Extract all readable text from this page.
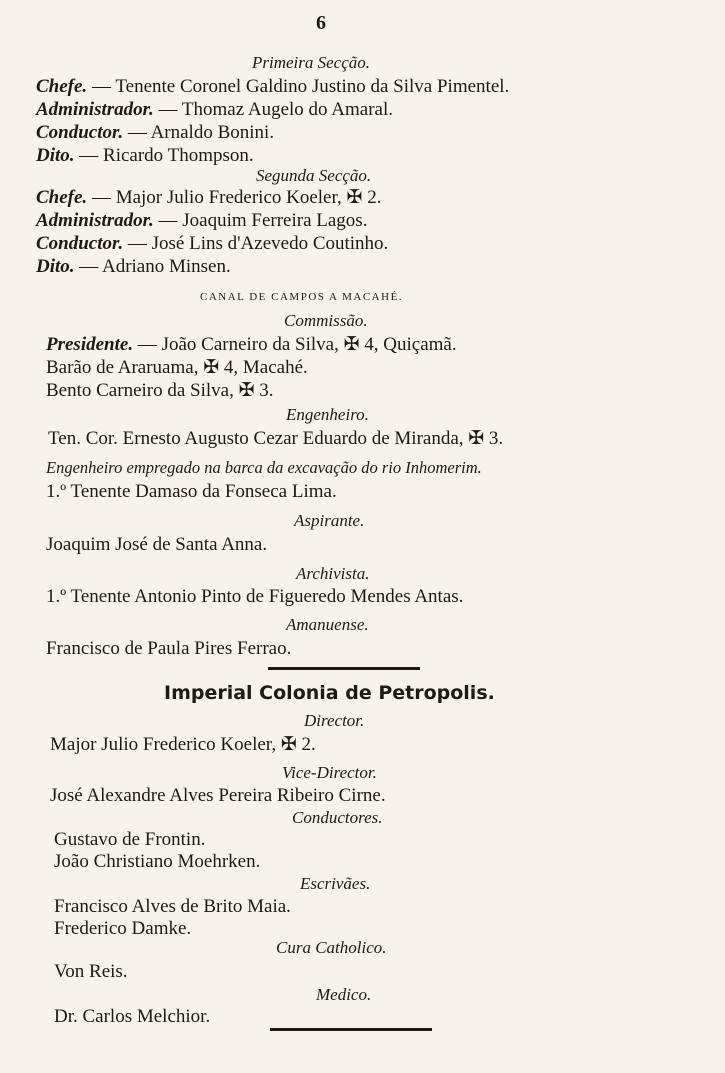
6
Primeira Secção.
Chefe. — Tenente Coronel Galdino Justino da Silva Pimentel.
Administrador. — Thomaz Augelo do Amaral.
Conductor. — Arnaldo Bonini.
Dito. — Ricardo Thompson.
Segunda Secção.
Chefe. — Major Julio Frederico Koeler, ✠ 2.
Administrador. — Joaquim Ferreira Lagos.
Conductor. — José Lins d'Azevedo Coutinho.
Dito. — Adriano Minsen.
CANAL DE CAMPOS A MACAHÉ.
Commissão.
Presidente. — João Carneiro da Silva, ✠ 4, Quiçamã.
Barão de Araruama, ✠ 4, Macahé.
Bento Carneiro da Silva, ✠ 3.
Engenheiro.
Ten. Cor. Ernesto Augusto Cezar Eduardo de Miranda, ✠ 3.
Engenheiro empregado na barca da excavação do rio Inhomerim.
1.º Tenente Damaso da Fonseca Lima.
Aspirante.
Joaquim José de Santa Anna.
Archivista.
1.º Tenente Antonio Pinto de Figueredo Mendes Antas.
Amanuense.
Francisco de Paula Pires Ferrao.
Imperial Colonia de Petropolis.
Director.
Major Julio Frederico Koeler, ✠ 2.
Vice-Director.
José Alexandre Alves Pereira Ribeiro Cirne.
Conductores.
Gustavo de Frontin.
João Christiano Moehrken.
Escrivães.
Francisco Alves de Brito Maia.
Frederico Damke.
Cura Catholico.
Von Reis.
Medico.
Dr. Carlos Melchior.
